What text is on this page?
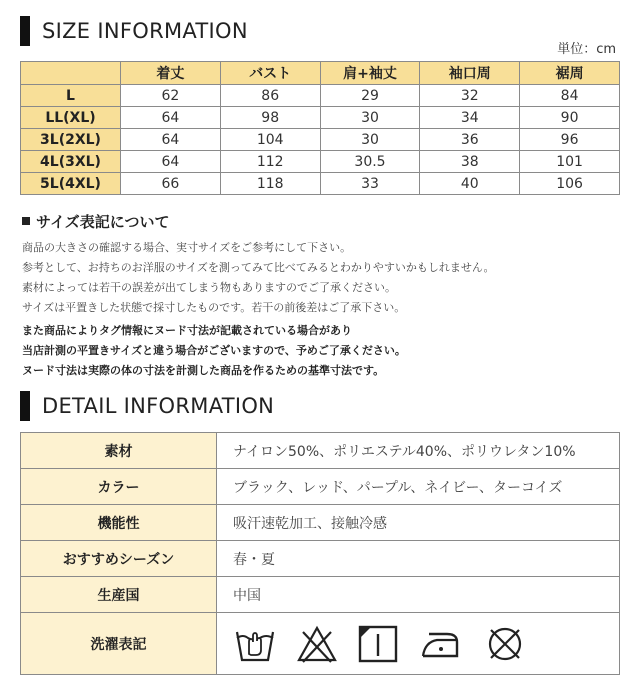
SIZE INFORMATION
単位：cm
	着丈	バスト	肩+袖丈	袖口周	裾周
L	62	86	29	32	84
LL(XL)	64	98	30	34	90
3L(2XL)	64	104	30	36	96
4L(3XL)	64	112	30.5	38	101
5L(4XL)	66	118	33	40	106
サイズ表記について
商品の大きさの確認する場合、実寸サイズをご参考にして下さい。
参考として、お持ちのお洋服のサイズを測ってみて比べてみるとわかりやすいかもしれません。
素材によっては若干の誤差が出てしまう物もありますのでご了承ください。
サイズは平置きした状態で採寸したものです。若干の前後差はご了承下さい。
また商品によりタグ情報にヌード寸法が記載されている場合があり
当店計測の平置きサイズと違う場合がございますので、予めご了承ください。
ヌード寸法は実際の体の寸法を計測した商品を作るための基準寸法です。
DETAIL INFORMATION
素材	ナイロン50%、ポリエステル40%、ポリウレタン10%
カラー	ブラック、レッド、パープル、ネイビー、ターコイズ
機能性	吸汗速乾加工、接触冷感
おすすめシーズン	春・夏
生産国	中国
洗濯表記	
